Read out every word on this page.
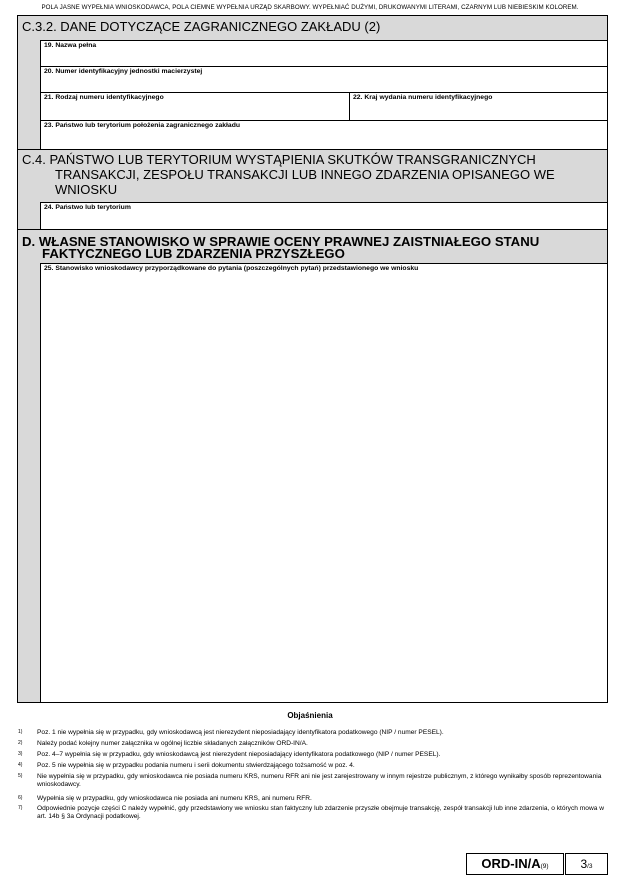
POLA JASNE WYPEŁNIA WNIOSKODAWCA, POLA CIEMNE WYPEŁNIA URZĄD SKARBOWY. WYPEŁNIAĆ DUŻYMI, DRUKOWANYMI LITERAMI, CZARNYM LUB NIEBIESKIM KOLOREM.
C.3.2. DANE DOTYCZĄCE ZAGRANICZNEGO ZAKŁADU (2)
19. Nazwa pełna
20. Numer identyfikacyjny jednostki macierzystej
21. Rodzaj numeru identyfikacyjnego	22. Kraj wydania numeru identyfikacyjnego
23. Państwo lub terytorium położenia zagranicznego zakładu
C.4. PAŃSTWO LUB TERYTORIUM WYSTĄPIENIA SKUTKÓW TRANSGRANICZNYCH
TRANSAKCJI, ZESPOŁU TRANSAKCJI LUB INNEGO ZDARZENIA OPISANEGO WE
WNIOSKU
24. Państwo lub terytorium
D. WŁASNE STANOWISKO W SPRAWIE OCENY PRAWNEJ ZAISTNIAŁEGO STANU
FAKTYCZNEGO LUB ZDARZENIA PRZYSZŁEGO
25. Stanowisko wnioskodawcy przyporządkowane do pytania (poszczególnych pytań) przedstawionego we wniosku
Objaśnienia
1) Poz. 1 nie wypełnia się w przypadku, gdy wnioskodawcą jest nierezydent nieposiadający identyfikatora podatkowego (NIP / numer PESEL).
2) Należy podać kolejny numer załącznika w ogólnej liczbie składanych załączników ORD-IN/A.
3) Poz. 4–7 wypełnia się w przypadku, gdy wnioskodawcą jest nierezydent nieposiadający identyfikatora podatkowego (NIP / numer PESEL).
4) Poz. 5 nie wypełnia się w przypadku podania numeru i serii dokumentu stwierdzającego tożsamość w poz. 4.
5) Nie wypełnia się w przypadku, gdy wnioskodawca nie posiada numeru KRS, numeru RFR ani nie jest zarejestrowany w innym rejestrze publicznym, z którego wynikałby sposób reprezentowania wnioskodawcy.
6) Wypełnia się w przypadku, gdy wnioskodawca nie posiada ani numeru KRS, ani numeru RFR.
7) Odpowiednie pozycje części C należy wypełnić, gdy przedstawiony we wniosku stan faktyczny lub zdarzenie przyszłe obejmuje transakcję, zespół transakcji lub inne zdarzenia, o których mowa w art. 14b § 3a Ordynacji podatkowej.
ORD-IN/A(9)	3/3
